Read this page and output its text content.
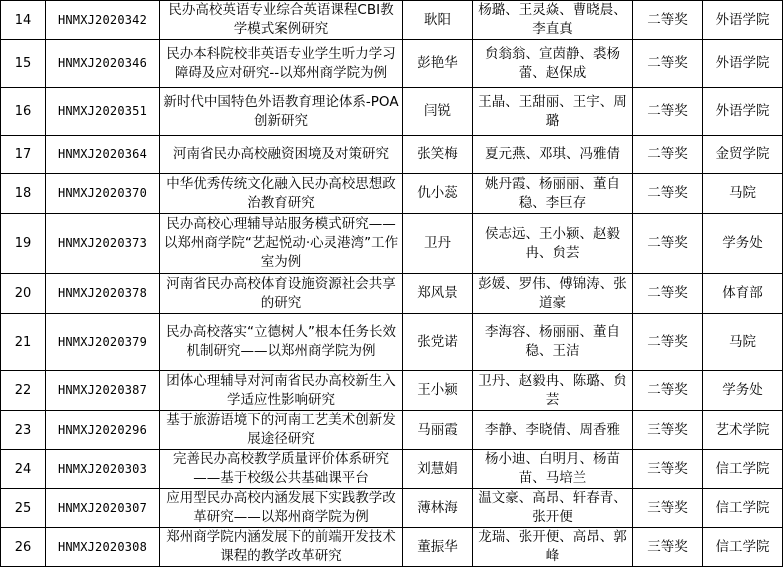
14	HNMXJ2020342	民办高校英语专业综合英语课程CBI教学模式案例研究	耿阳	杨璐、王灵焱、曹晓晨、李直真	二等奖	外语学院
15	HNMXJ2020346	民办本科院校非英语专业学生听力学习障碍及应对研究--以郑州商学院为例	彭艳华	贠翁翁、宣茵静、裘杨蕾、赵保成	二等奖	外语学院
16	HNMXJ2020351	新时代中国特色外语教育理论体系-POA创新研究	闫锐	王晶、王甜丽、王宇、周璐	二等奖	外语学院
17	HNMXJ2020364	河南省民办高校融资困境及对策研究	张笑梅	夏元燕、邓琪、冯雅倩	二等奖	金贸学院
18	HNMXJ2020370	中华优秀传统文化融入民办高校思想政治教育研究	仇小蕊	姚丹霞、杨丽丽、董自稳、李巨存	二等奖	马院
19	HNMXJ2020373	民办高校心理辅导站服务模式研究——以郑州商学院“艺起悦动·心灵港湾”工作室为例	卫丹	侯志远、王小颍、赵毅冉、贠芸	二等奖	学务处
20	HNMXJ2020378	河南省民办高校体育设施资源社会共享的研究	郑风景	彭媛、罗伟、傅锦涛、张道豪	二等奖	体育部
21	HNMXJ2020379	民办高校落实“立德树人”根本任务长效机制研究——以郑州商学院为例	张党诺	李海容、杨丽丽、董自稳、王洁	二等奖	马院
22	HNMXJ2020387	团体心理辅导对河南省民办高校新生入学适应性影响研究	王小颍	卫丹、赵毅冉、陈璐、贠芸	二等奖	学务处
23	HNMXJ2020296	基于旅游语境下的河南工艺美术创新发展途径研究	马丽霞	李静、李晓倩、周香雅	三等奖	艺术学院
24	HNMXJ2020303	完善民办高校教学质量评价体系研究——基于校级公共基础课平台	刘慧娟	杨小迪、白明月、杨苗苗、马培兰	三等奖	信工学院
25	HNMXJ2020307	应用型民办高校内涵发展下实践教学改革研究——以郑州商学院为例	薄林海	温文豪、高昂、轩春青、张开便	三等奖	信工学院
26	HNMXJ2020308	郑州商学院内涵发展下的前端开发技术课程的教学改革研究	董振华	龙瑞、张开便、高昂、郭峰	三等奖	信工学院
